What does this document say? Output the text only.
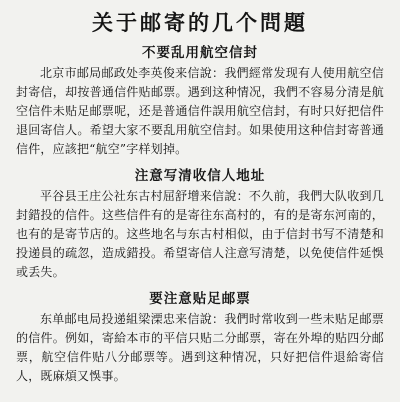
关于邮寄的几个問題
不要乱用航空信封

北京市邮局邮政处李英俊来信說：我們經常发现有人使用航空信封寄信，却按普通信件贴邮票。遇到这种情况，我們不容易分清是航空信件未贴足邮票呢，还是普通信件誤用航空信封，有时只好把信件退回寄信人。希望大家不要乱用航空信封。如果使用这种信封寄普通信件，应該把“航空”字样划掉。

注意写清收信人地址

平谷县王庄公社东古村屈舒增来信說：不久前，我們大队收到几封錯投的信件。这些信件有的是寄往东高村的，有的是寄东河南的，也有的是寄节店的。这些地名与东古村相似，由于信封书写不清楚和投递員的疏忽，造成錯投。希望寄信人注意写清楚，以免使信件延悞或丢失。

要注意贴足邮票

东单邮电局投递組梁溧忠来信說：我們时常收到一些未贴足邮票的信件。例如，寄給本市的平信只贴二分邮票，寄在外埠的贴四分邮票，航空信件贴八分邮票等。遇到这种情况，只好把信件退給寄信人，既麻煩又悞事。
